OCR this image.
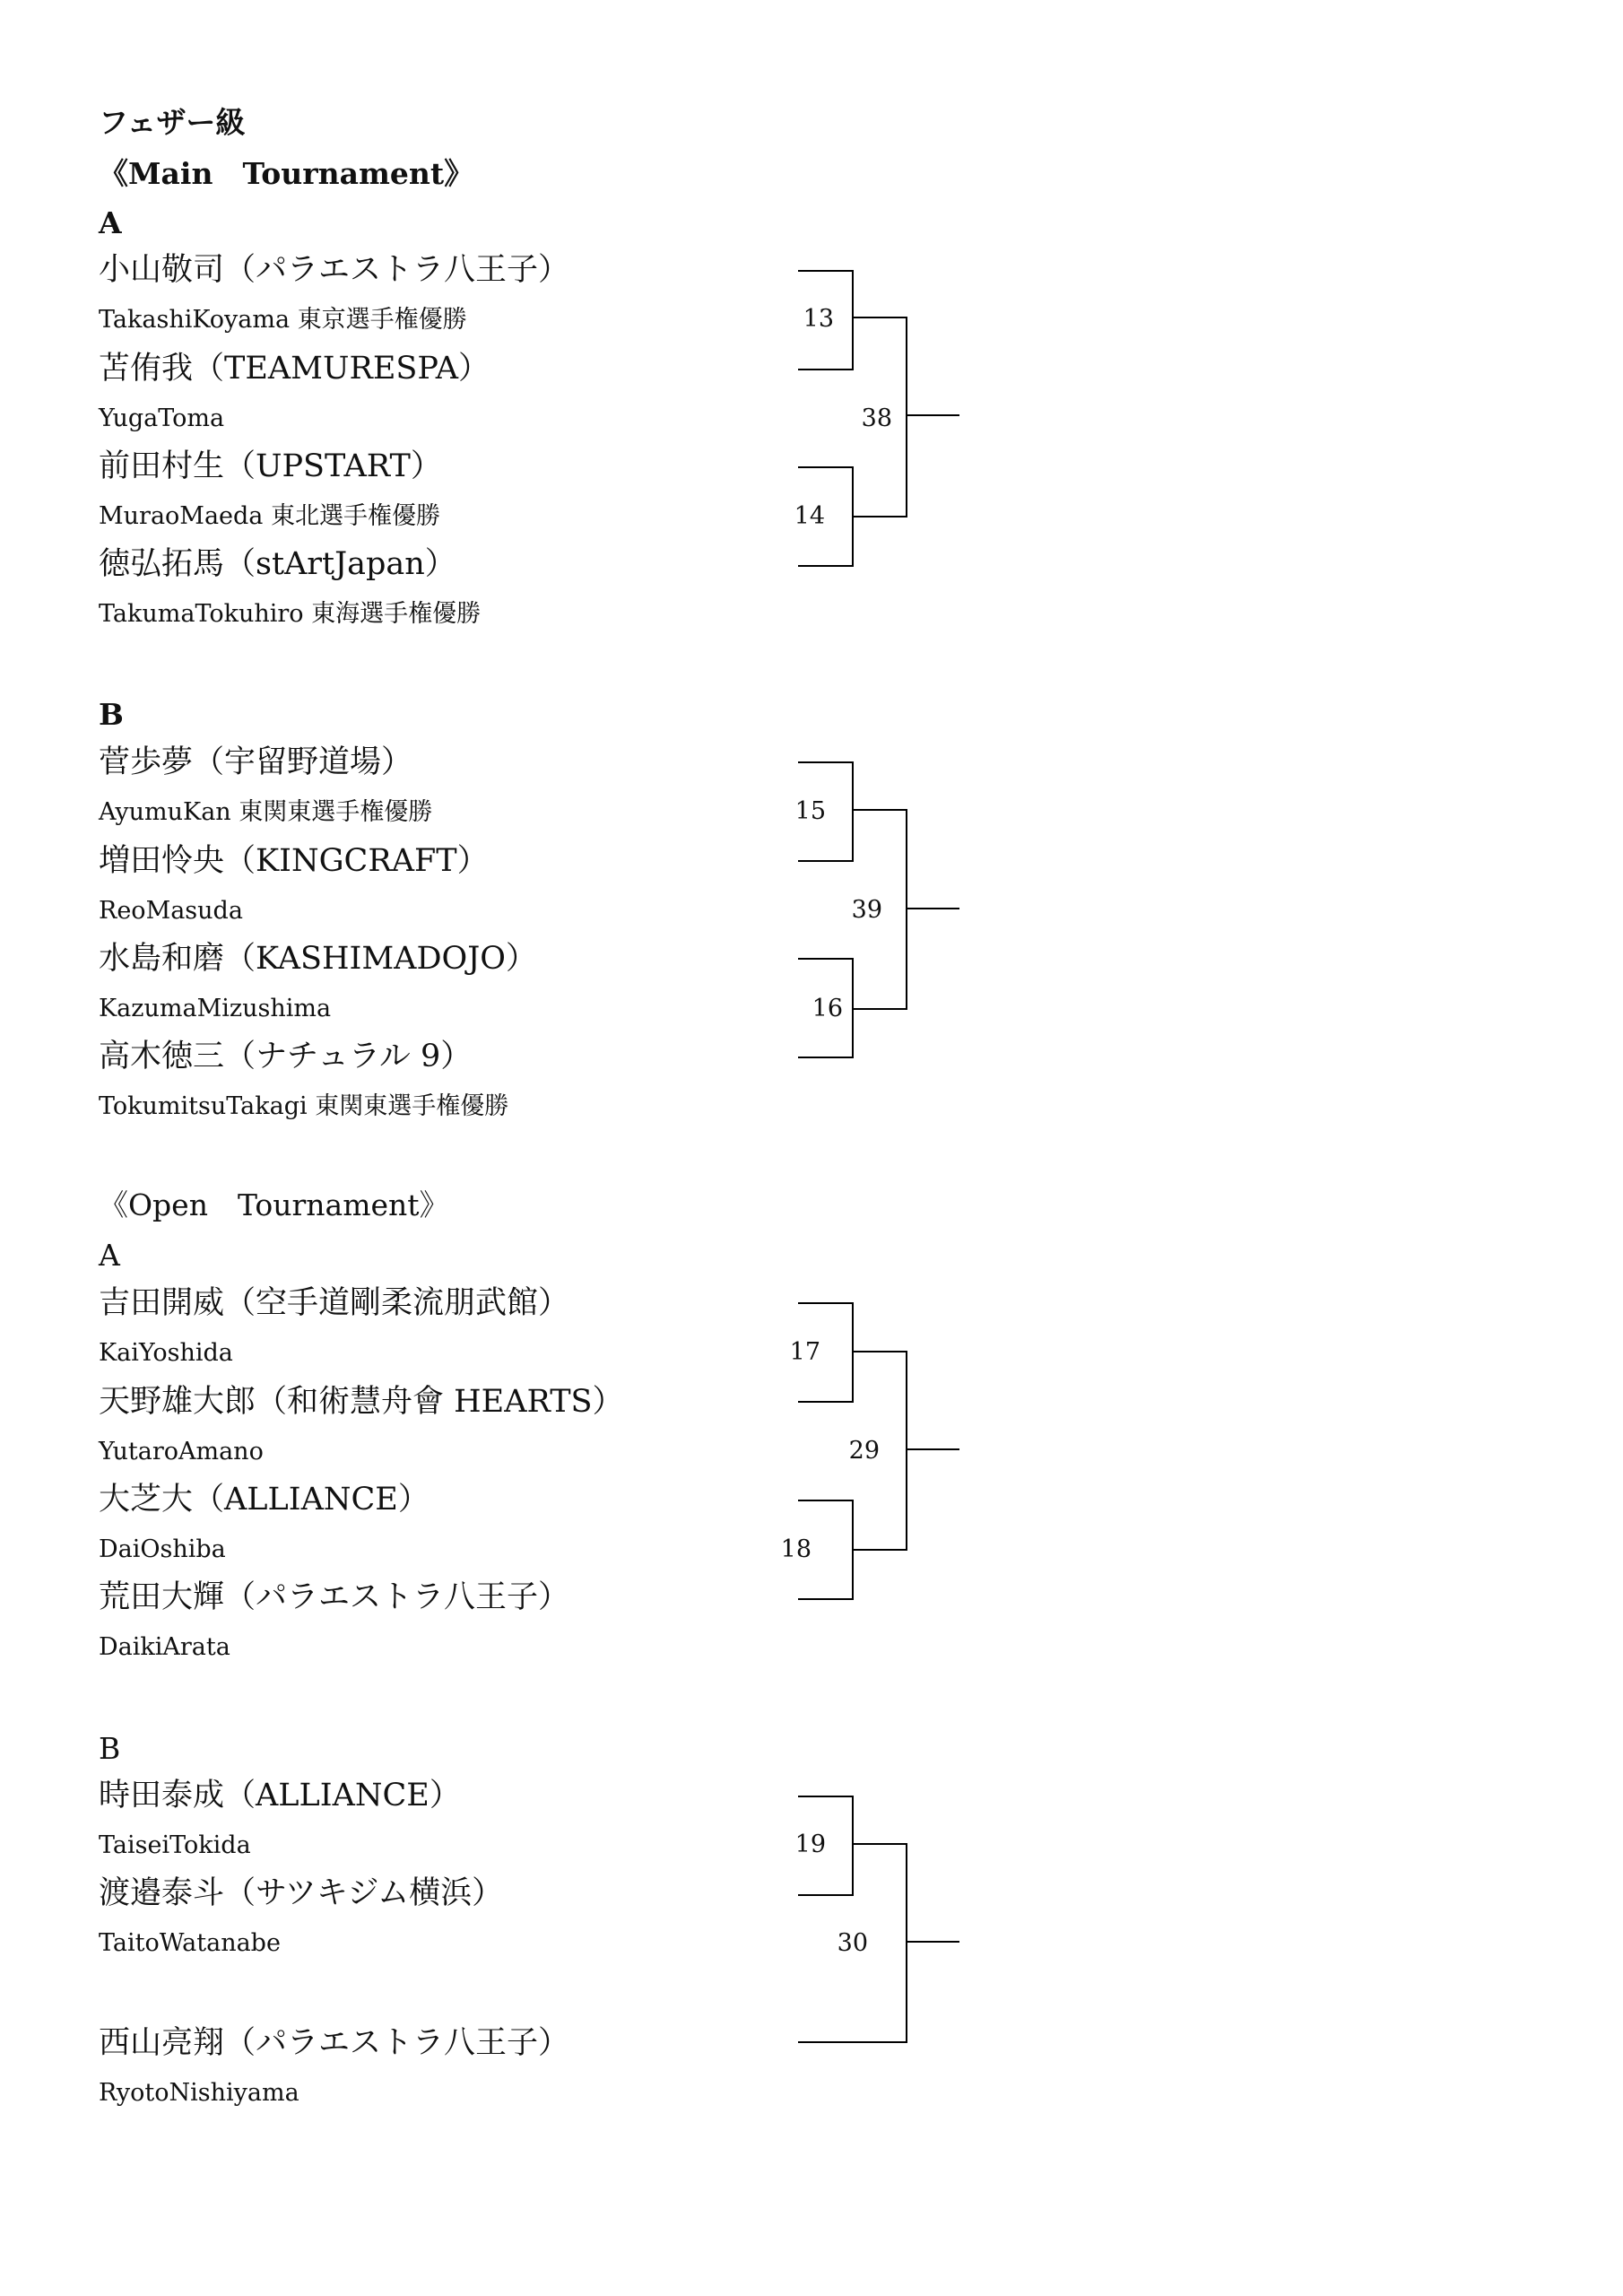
フェザー級
《Main　Tournament》
A
小山敬司（パラエストラ八王子）
TakashiKoyama 東京選手権優勝
苫侑我（TEAMURESPA）
YugaToma
前田村生（UPSTART）
MuraoMaeda 東北選手権優勝
徳弘拓馬（stArtJapan）
TakumaTokuhiro 東海選手権優勝
13
14
38
B
菅歩夢（宇留野道場）
AyumuKan 東関東選手権優勝
増田怜央（KINGCRAFT）
ReoMasuda
水島和磨（KASHIMADOJO）
KazumaMizushima
高木徳三（ナチュラル 9）
TokumitsuTakagi 東関東選手権優勝
15
16
39
《Open　Tournament》
A
吉田開威（空手道剛柔流朋武館）
KaiYoshida
天野雄大郎（和術慧舟會 HEARTS）
YutaroAmano
大芝大（ALLIANCE）
DaiOshiba
荒田大輝（パラエストラ八王子）
DaikiArata
17
18
29
B
時田泰成（ALLIANCE）
TaiseiTokida
渡邉泰斗（サツキジム横浜）
TaitoWatanabe
西山亮翔（パラエストラ八王子）
RyotoNishiyama
19
30
